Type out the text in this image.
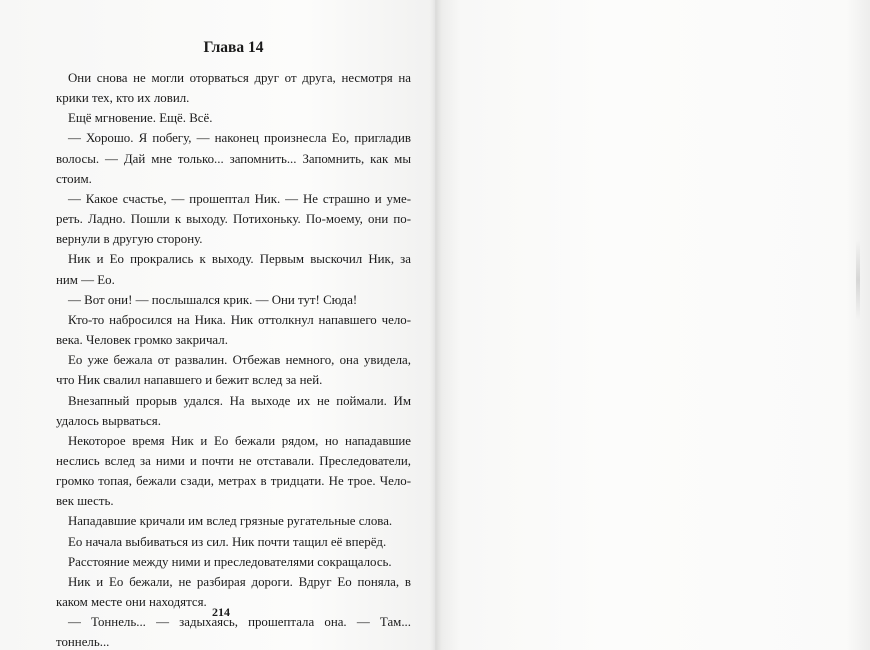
Глава 14
Они снова не могли оторваться друг от друга, несмотря на
крики тех, кто их ловил.
Ещё мгновение. Ещё. Всё.
— Хорошо. Я побегу, — наконец произнесла Ео, пригладив
волосы. — Дай мне только... запомнить... Запомнить, как мы
стоим.
— Какое счастье, — прошептал Ник. — Не страшно и уме-
реть. Ладно. Пошли к выходу. Потихоньку. По-моему, они по-
вернули в другую сторону.
Ник и Ео прокрались к выходу. Первым выскочил Ник, за
ним — Ео.
— Вот они! — послышался крик. — Они тут! Сюда!
Кто-то набросился на Ника. Ник оттолкнул напавшего чело-
века. Человек громко закричал.
Ео уже бежала от развалин. Отбежав немного, она увидела,
что Ник свалил напавшего и бежит вслед за ней.
Внезапный прорыв удался. На выходе их не поймали. Им
удалось вырваться.
Некоторое время Ник и Ео бежали рядом, но нападавшие
неслись вслед за ними и почти не отставали. Преследователи,
громко топая, бежали сзади, метрах в тридцати. Не трое. Чело-
век шесть.
Нападавшие кричали им вслед грязные ругательные слова.
Ео начала выбиваться из сил. Ник почти тащил её вперёд.
Расстояние между ними и преследователями сокращалось.
Ник и Ео бежали, не разбирая дороги. Вдруг Ео поняла, в
каком месте они находятся.
— Тоннель... — задыхаясь, прошептала она. — Там...
тоннель...
214
